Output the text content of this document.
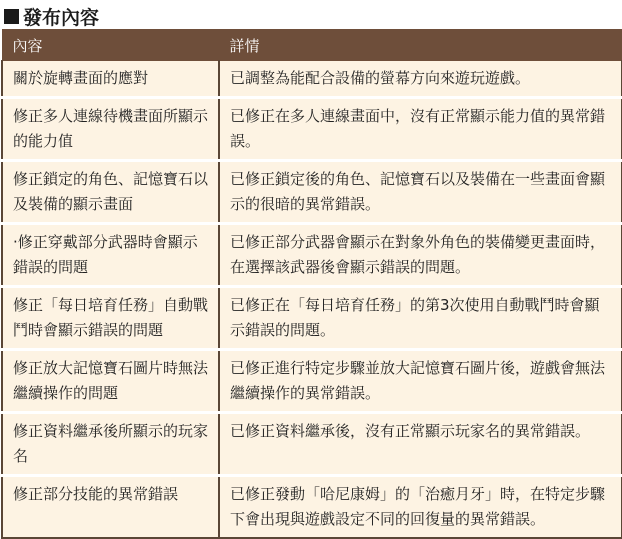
發布內容
內容	詳情
關於旋轉畫面的應對	已調整為能配合設備的螢幕方向來遊玩遊戲。
修正多人連線待機畫面所顯示的能力值	已修正在多人連線畫面中，沒有正常顯示能力值的異常錯誤。
修正鎖定的角色、記憶寶石以及裝備的顯示畫面	已修正鎖定後的角色、記憶寶石以及裝備在一些畫面會顯示的很暗的異常錯誤。
·修正穿戴部分武器時會顯示錯誤的問題	已修正部分武器會顯示在對象外角色的裝備變更畫面時，在選擇該武器後會顯示錯誤的問題。
修正「每日培育任務」自動戰鬥時會顯示錯誤的問題	已修正在「每日培育任務」的第3次使用自動戰鬥時會顯示錯誤的問題。
修正放大記憶寶石圖片時無法繼續操作的問題	已修正進行特定步驟並放大記憶寶石圖片後，遊戲會無法繼續操作的異常錯誤。
修正資料繼承後所顯示的玩家名	已修正資料繼承後，沒有正常顯示玩家名的異常錯誤。
修正部分技能的異常錯誤	已修正發動「哈尼康姆」的「治癒月牙」時，在特定步驟下會出現與遊戲設定不同的回復量的異常錯誤。
